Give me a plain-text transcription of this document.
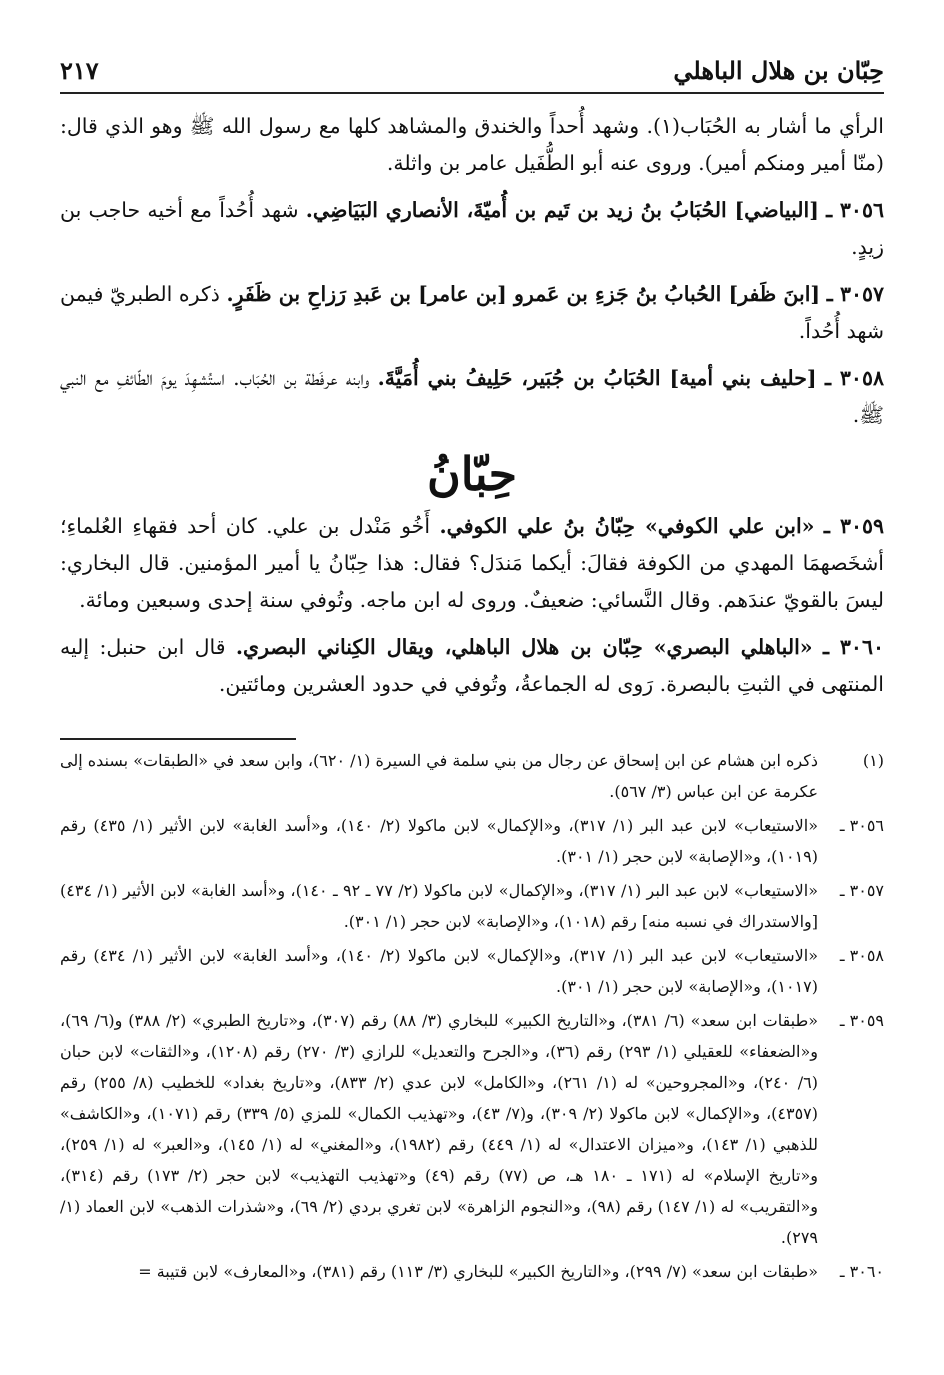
حِبّان بن هلال الباهلي
٢١٧

الرأي ما أشار به الحُبَاب(١). وشهد أُحداً والخندق والمشاهد كلها مع رسول الله ﷺ وهو الذي قال: (منّا أمير ومنكم أمير). وروى عنه أبو الطُّفَيل عامر بن واثلة.

٣٠٥٦ ـ [البياضي] الحُبَابُ بنُ زيد بن تَيم بن أُميّةَ، الأنصاري البَيَاضِي. شهد أُحُداً مع أخيه حاجب بن زيدٍ.

٣٠٥٧ ـ [ابنَ ظَفر] الحُبابُ بنُ جَزءِ بن عَمرو [بن عامر] بن عَبدِ رَزاحِ بن ظَفَرٍ. ذكره الطبريّ فيمن شهد أُحُداً.

٣٠٥٨ ـ [حليف بني أمية] الحُبَابُ بن جُبَير، حَلِيفُ بني أُمَيَّةَ. وابنه عرفَطة بن الحُبَاب. استُشهِدَ يومَ الطّائفِ مع النبي ﷺ.

حِبّانُ

٣٠٥٩ ـ «ابن علي الكوفي» حِبّانُ بنُ علي الكوفي. أَخُو مَنْدل بن علي. كان أحد فقهاءِ العُلماءِ؛ أشخَصهمَا المهدي من الكوفة فقالَ: أيكما مَندَل؟ فقال: هذا حِبّانُ يا أمير المؤمنين. قال البخاري: ليسَ بالقويّ عندَهم. وقال النَّسائي: ضعيفٌ. وروى له ابن ماجه. وتُوفي سنة إحدى وسبعين ومائة.

٣٠٦٠ ـ «الباهلي البصري» حِبّان بن هلال الباهلي، ويقال الكِناني البصري. قال ابن حنبل: إليه المنتهى في الثبتِ بالبصرة. رَوى له الجماعةُ، وتُوفي في حدود العشرين ومائتين.

(١)
ذكره ابن هشام عن ابن إسحاق عن رجال من بني سلمة في السيرة (١/ ٦٢٠)، وابن سعد في «الطبقات» بسنده إلى عكرمة عن ابن عباس (٣/ ٥٦٧).
٣٠٥٦ ـ
«الاستيعاب» لابن عبد البر (١/ ٣١٧)، و«الإكمال» لابن ماكولا (٢/ ١٤٠)، و«أسد الغابة» لابن الأثير (١/ ٤٣٥) رقم (١٠١٩)، و«الإصابة» لابن حجر (١/ ٣٠١).
٣٠٥٧ ـ
«الاستيعاب» لابن عبد البر (١/ ٣١٧)، و«الإكمال» لابن ماكولا (٢/ ٧٧ ـ ٩٢ ـ ١٤٠)، و«أسد الغابة» لابن الأثير (١/ ٤٣٤) [والاستدراك في نسبه منه] رقم (١٠١٨)، و«الإصابة» لابن حجر (١/ ٣٠١).
٣٠٥٨ ـ
«الاستيعاب» لابن عبد البر (١/ ٣١٧)، و«الإكمال» لابن ماكولا (٢/ ١٤٠)، و«أسد الغابة» لابن الأثير (١/ ٤٣٤) رقم (١٠١٧)، و«الإصابة» لابن حجر (١/ ٣٠١).
٣٠٥٩ ـ
«طبقات ابن سعد» (٦/ ٣٨١)، و«التاريخ الكبير» للبخاري (٣/ ٨٨) رقم (٣٠٧)، و«تاريخ الطبري» (٢/ ٣٨٨) و(٦/ ٦٩)، و«الضعفاء» للعقيلي (١/ ٢٩٣) رقم (٣٦)، و«الجرح والتعديل» للرازي (٣/ ٢٧٠) رقم (١٢٠٨)، و«الثقات» لابن حبان (٦/ ٢٤٠)، و«المجروحين» له (١/ ٢٦١)، و«الكامل» لابن عدي (٢/ ٨٣٣)، و«تاريخ بغداد» للخطيب (٨/ ٢٥٥) رقم (٤٣٥٧)، و«الإكمال» لابن ماكولا (٢/ ٣٠٩)، و(٧/ ٤٣)، و«تهذيب الكمال» للمزي (٥/ ٣٣٩) رقم (١٠٧١)، و«الكاشف» للذهبي (١/ ١٤٣)، و«ميزان الاعتدال» له (١/ ٤٤٩) رقم (١٩٨٢)، و«المغني» له (١/ ١٤٥)، و«العبر» له (١/ ٢٥٩)، و«تاريخ الإسلام» له (١٧١ ـ ١٨٠ هـ، ص (٧٧) رقم (٤٩) و«تهذيب التهذيب» لابن حجر (٢/ ١٧٣) رقم (٣١٤)، و«التقريب» له (١/ ١٤٧) رقم (٩٨)، و«النجوم الزاهرة» لابن تغري بردي (٢/ ٦٩)، و«شذرات الذهب» لابن العماد (١/ ٢٧٩).
٣٠٦٠ ـ
«طبقات ابن سعد» (٧/ ٢٩٩)، و«التاريخ الكبير» للبخاري (٣/ ١١٣) رقم (٣٨١)، و«المعارف» لابن قتيبة =
